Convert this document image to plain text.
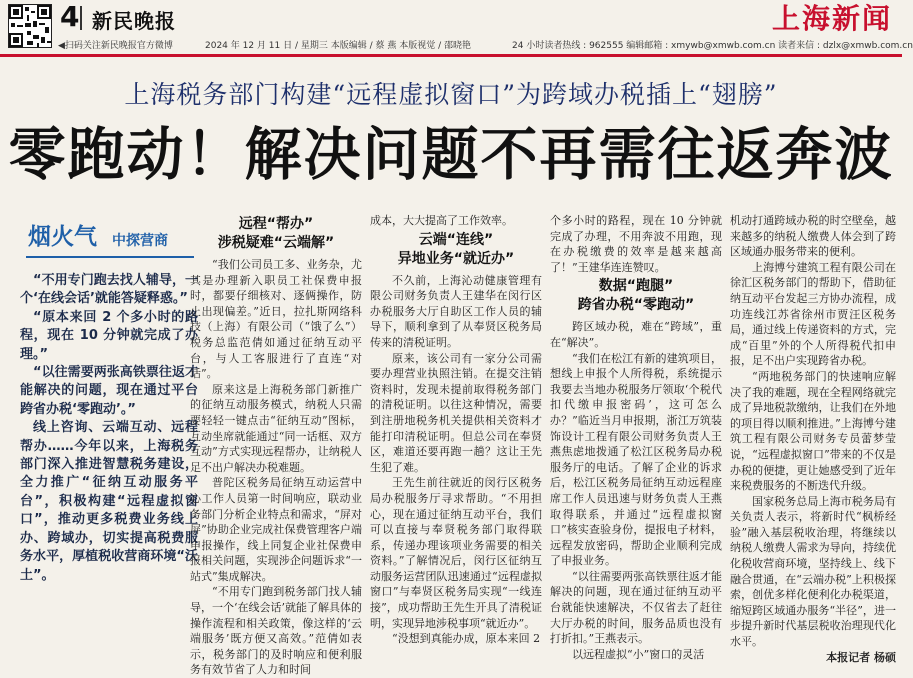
4 新民晚报
◀扫码关注新民晚报官方微博	2024 年 12 月 11 日 / 星期三 本版编辑 / 蔡 燕 本版视觉 / 邵晓艳	24 小时读者热线 : 962555 编辑邮箱 : xmywb@xmwb.com.cn 读者来信 : dzlx@xmwb.com.cn
上海新闻
上海税务部门构建“远程虚拟窗口”为跨域办税插上“翅膀”
零跑动！解决问题不再需往返奔波
烟火气 中探营商

“不用专门跑去找人辅导，一个‘在线会话’就能答疑释惑。”

“原本来回 2 个多小时的路程，现在 10 分钟就完成了办理。”

“以往需要两张高铁票往返才能解决的问题，现在通过平台跨省办税‘零跑动’。”

线上咨询、云端互动、远程帮办……今年以来，上海税务部门深入推进智慧税务建设，全力推广“征纳互动服务平台”，积极构建“远程虚拟窗口”，推动更多税费业务线上办、跨域办，切实提高税费服务水平，厚植税收营商环境“沃土”。

远程“帮办”
涉税疑难“云端解”

“我们公司员工多、业务杂，尤其是办理新入职员工社保费申报时，都要仔细核对、逐俩操作，防止出现偏差。”近日，拉扎斯网络科技（上海）有限公司（“饿了么”）税务总监范倩如通过征纳互动平台，与人工客服进行了直连“对话”。

原来这是上海税务部门新推广的征纳互动服务模式，纳税人只需要轻轻一键点击“征纳互动”图标，互动坐席就能通过“同一话框、双方互动”方式实现远程帮办，让纳税人足不出户解决办税难题。

普陀区税务局征纳互动运营中心工作人员第一时间响应，联动业务部门分析企业特点和需求，“屏对屏”协助企业完成社保费管理客户端申报操作，线上同复企业社保费申报相关问题，实现涉企问题诉求“一站式”集成解决。

“不用专门跑到税务部门找人辅导，一个‘在线会话’就能了解具体的操作流程和相关政策，像这样的‘云端服务’既方便又高效。”范倩如表示，税务部门的及时响应和便利服务有效节省了人力和时间

成本，大大提高了工作效率。

云端“连线”
异地业务“就近办”

不久前，上海沁动健康管理有限公司财务负责人王建华在闵行区办税服务大厅自助区工作人员的辅导下，顺利拿到了从奉贤区税务局传来的清税证明。

原来，该公司有一家分公司需要办理营业执照注销。在提交注销资料时，发现未提前取得税务部门的清税证明。以往这种情况，需要到注册地税务机关提供相关资料才能打印清税证明。但总公司在奉贤区，难道还要再跑一趟？这让王先生犯了难。

王先生前往就近的闵行区税务局办税服务厅寻求帮助。“不用担心，现在通过征纳互动平台，我们可以直接与奉贤税务部门取得联系，传递办理该项业务需要的相关资料。”了解情况后，闵行区征纳互动服务运营团队迅速通过“远程虚拟窗口”与奉贤区税务局实现“一线连接”，成功帮助王先生开具了清税证明，实现异地涉税事项“就近办”。

“没想到真能办成，原本来回 2

个多小时的路程，现在 10 分钟就完成了办理，不用奔波不用跑，现在办税缴费的效率是越来越高了！”王建华连连赞叹。

数据“跑腿”
跨省办税“零跑动”

跨区域办税，难在“跨域”，重在“解决”。

“我们在松江有新的建筑项目，想线上申报个人所得税，系统提示我要去当地办税服务厅领取‘个税代扣代缴申报密码’，这可怎么办？”临近当月申报期，浙江万筑装饰设计工程有限公司财务负责人王燕焦虑地拨通了松江区税务局办税服务厅的电话。了解了企业的诉求后，松江区税务局征纳互动远程座席工作人员迅速与财务负责人王燕取得联系，并通过“远程虚拟窗口”核实查验身份，提报电子材料，远程发放密码，帮助企业顺利完成了申报业务。

“以往需要两张高铁票往返才能解决的问题，现在通过征纳互动平台就能快速解决，不仅省去了赶往大厅办税的时间，服务品质也没有打折扣。”王燕表示。

以远程虚拟“小”窗口的灵活

机动打通跨域办税的时空壁垒，越来越多的纳税人缴费人体会到了跨区域通办服务带来的便利。

上海博兮建筑工程有限公司在徐汇区税务部门的帮助下，借助征纳互动平台发起三方协办流程，成功连线江苏省徐州市贾汪区税务局，通过线上传递资料的方式，完成“百里”外的个人所得税代扣申报，足不出户实现跨省办税。

“两地税务部门的快速响应解决了我的难题，现在全程网络就完成了异地税款缴纳，让我们在外地的项目得以顺利推进。”上海博兮建筑工程有限公司财务专员蕾梦莹说，“远程虚拟窗口”带来的不仅是办税的便捷，更让她感受到了近年来税费服务的不断迭代升级。

国家税务总局上海市税务局有关负责人表示，将新时代“枫桥经验”融入基层税收治理，将继续以纳税人缴费人需求为导向，持续优化税收营商环境，坚持线上、线下融合贯通，在“云端办税”上积极探索，创优多样化便利化办税渠道，缩短跨区域通办服务“半径”，进一步提升新时代基层税收治理现代化水平。

本报记者 杨硕
